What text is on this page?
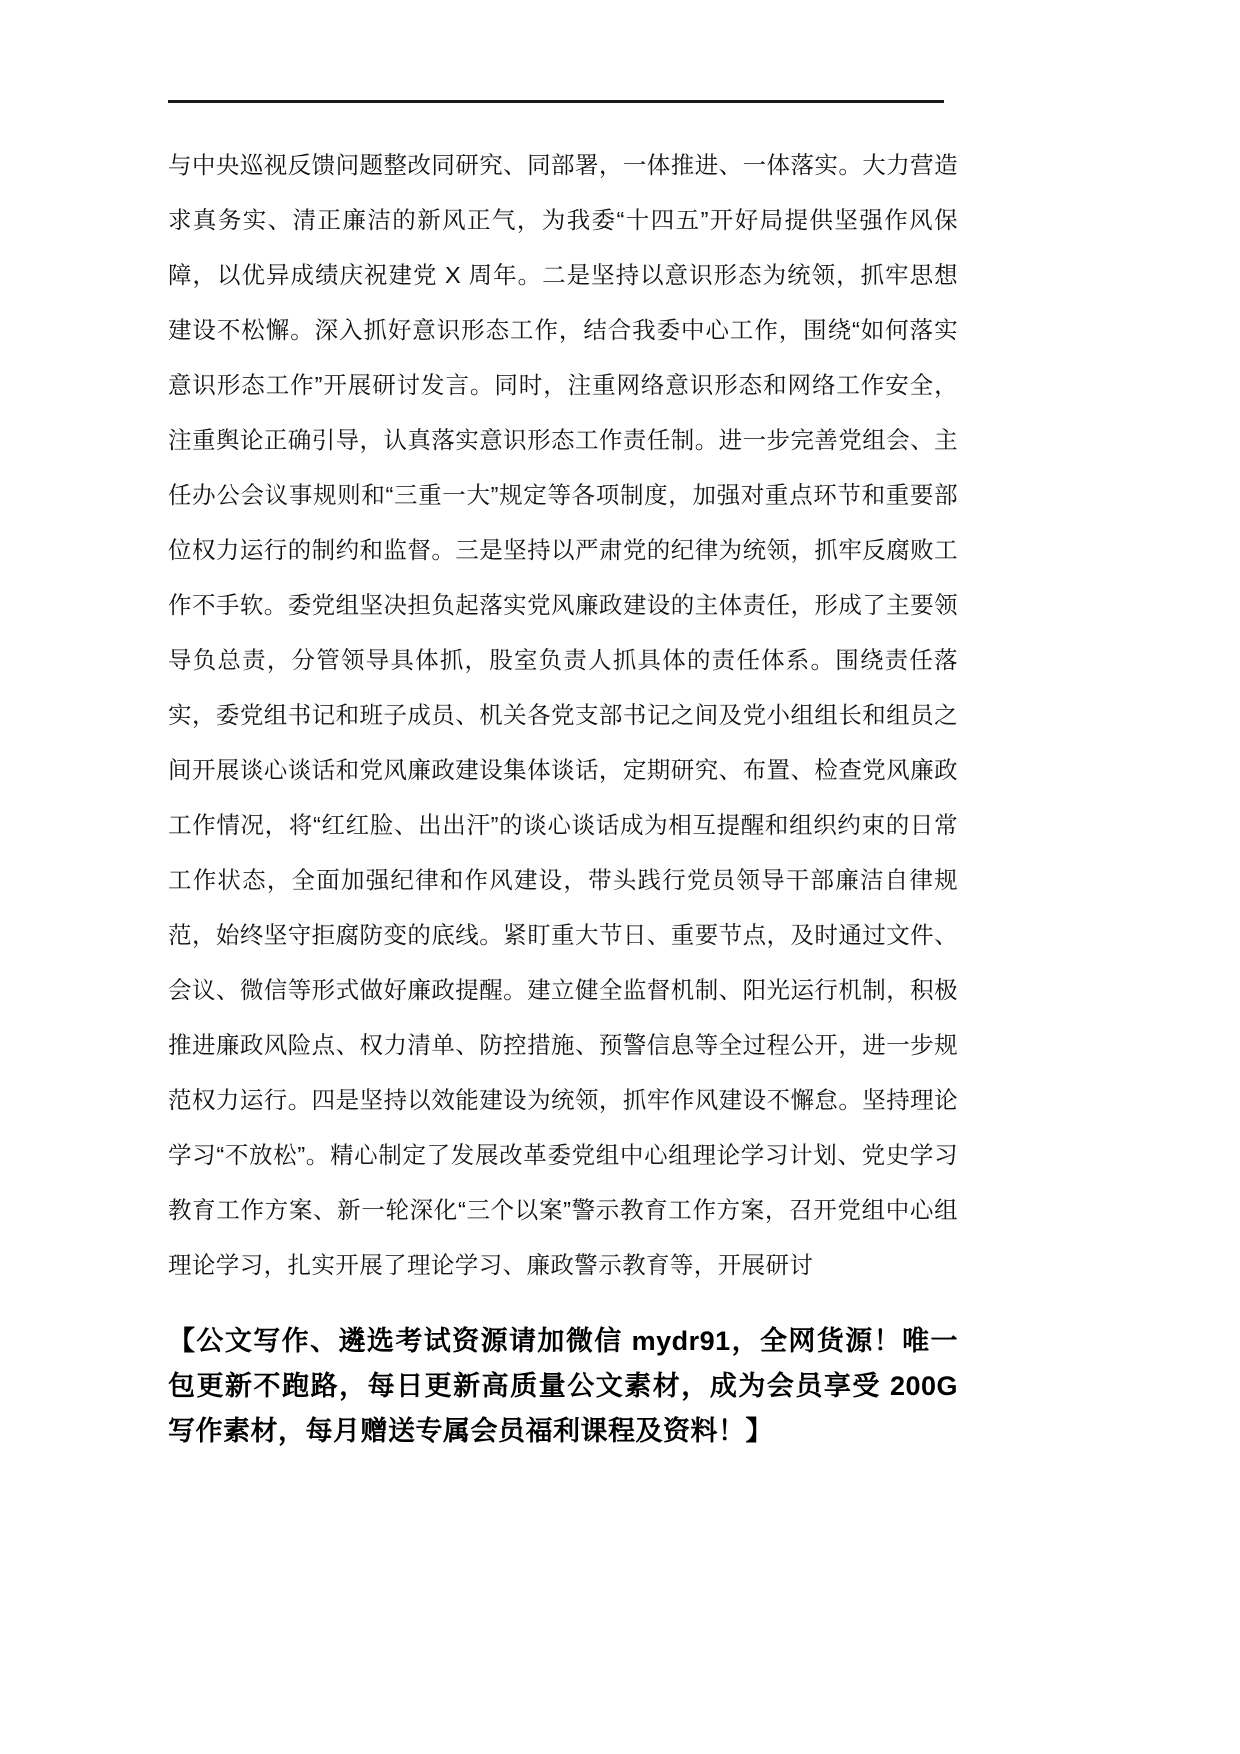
与中央巡视反馈问题整改同研究、同部署，一体推进、一体落实。大力营造求真务实、清正廉洁的新风正气，为我委“十四五”开好局提供坚强作风保障，以优异成绩庆祝建党 X 周年。二是坚持以意识形态为统领，抓牢思想建设不松懈。深入抓好意识形态工作，结合我委中心工作，围绕“如何落实意识形态工作”开展研讨发言。同时，注重网络意识形态和网络工作安全，注重舆论正确引导，认真落实意识形态工作责任制。进一步完善党组会、主任办公会议事规则和“三重一大”规定等各项制度，加强对重点环节和重要部位权力运行的制约和监督。三是坚持以严肃党的纪律为统领，抓牢反腐败工作不手软。委党组坚决担负起落实党风廉政建设的主体责任，形成了主要领导负总责，分管领导具体抓，股室负责人抓具体的责任体系。围绕责任落实，委党组书记和班子成员、机关各党支部书记之间及党小组组长和组员之间开展谈心谈话和党风廉政建设集体谈话，定期研究、布置、检查党风廉政工作情况，将“红红脸、出出汗”的谈心谈话成为相互提醒和组织约束的日常工作状态，全面加强纪律和作风建设，带头践行党员领导干部廉洁自律规范，始终坚守拒腐防变的底线。紧盯重大节日、重要节点，及时通过文件、会议、微信等形式做好廉政提醒。建立健全监督机制、阳光运行机制，积极推进廉政风险点、权力清单、防控措施、预警信息等全过程公开，进一步规范权力运行。四是坚持以效能建设为统领，抓牢作风建设不懈怠。坚持理论学习“不放松”。精心制定了发展改革委党组中心组理论学习计划、党史学习教育工作方案、新一轮深化“三个以案”警示教育工作方案，召开党组中心组理论学习，扎实开展了理论学习、廉政警示教育等，开展研讨

【公文写作、遴选考试资源请加微信 mydr91，全网货源！唯一包更新不跑路，每日更新高质量公文素材，成为会员享受 200G 写作素材，每月赠送专属会员福利课程及资料！】
